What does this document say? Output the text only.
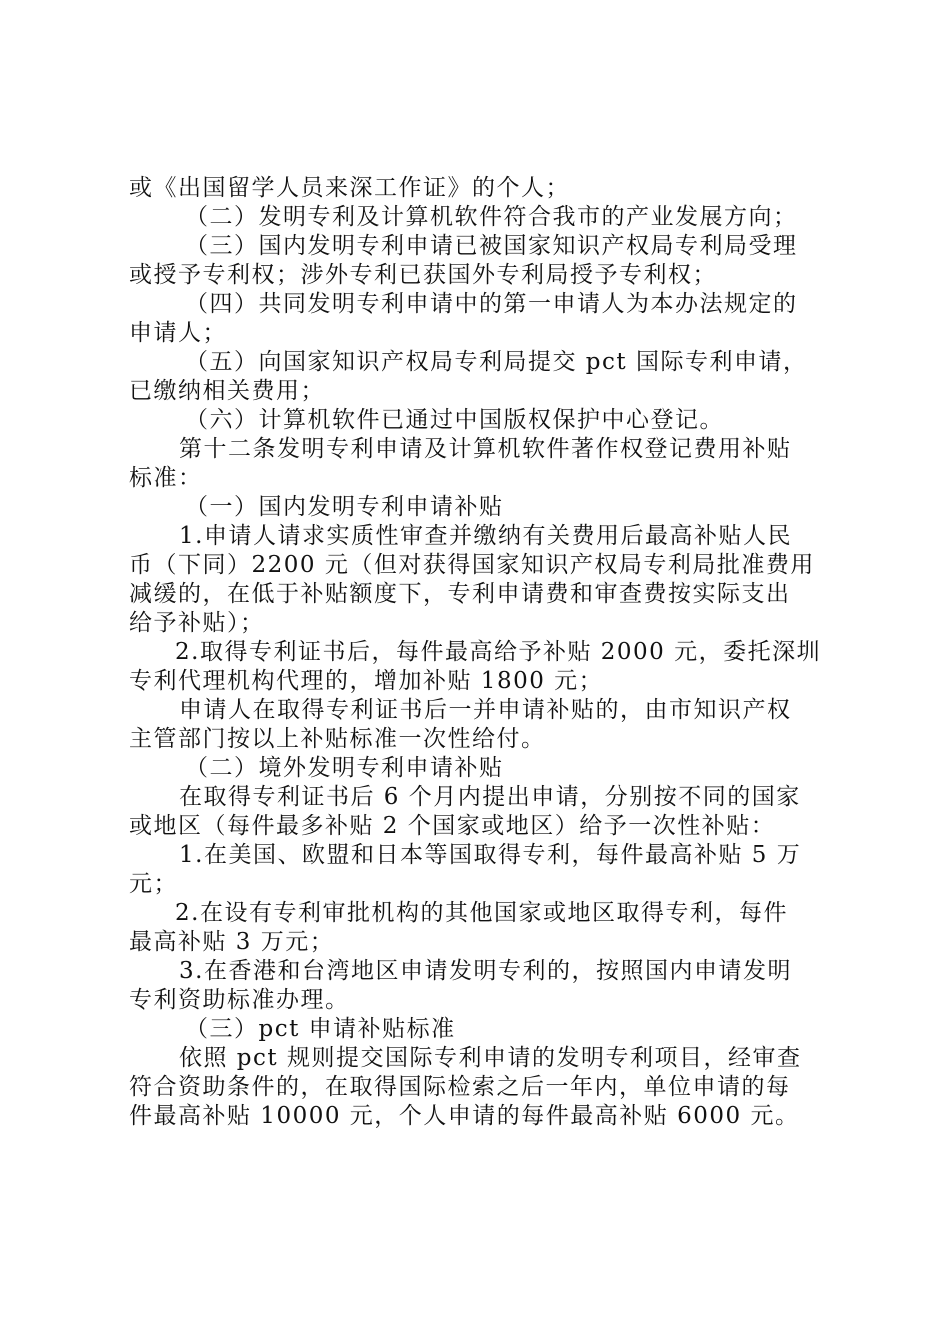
或《出国留学人员来深工作证》的个人；
（二）发明专利及计算机软件符合我市的产业发展方向；
（三）国内发明专利申请已被国家知识产权局专利局受理
或授予专利权；涉外专利已获国外专利局授予专利权；
（四）共同发明专利申请中的第一申请人为本办法规定的
申请人；
（五）向国家知识产权局专利局提交 pct 国际专利申请，
已缴纳相关费用；
（六）计算机软件已通过中国版权保护中心登记。
第十二条发明专利申请及计算机软件著作权登记费用补贴
标准：
（一）国内发明专利申请补贴
1.申请人请求实质性审查并缴纳有关费用后最高补贴人民
币（下同）2200 元（但对获得国家知识产权局专利局批准费用
减缓的，在低于补贴额度下，专利申请费和审查费按实际支出
给予补贴）；
2.取得专利证书后，每件最高给予补贴 2000 元，委托深圳
专利代理机构代理的，增加补贴 1800 元；
申请人在取得专利证书后一并申请补贴的，由市知识产权
主管部门按以上补贴标准一次性给付。
（二）境外发明专利申请补贴
在取得专利证书后 6 个月内提出申请，分别按不同的国家
或地区（每件最多补贴 2 个国家或地区）给予一次性补贴：
1.在美国、欧盟和日本等国取得专利，每件最高补贴 5 万
元；
2.在设有专利审批机构的其他国家或地区取得专利，每件
最高补贴 3 万元；
3.在香港和台湾地区申请发明专利的，按照国内申请发明
专利资助标准办理。
（三）pct 申请补贴标准
依照 pct 规则提交国际专利申请的发明专利项目，经审查
符合资助条件的，在取得国际检索之后一年内，单位申请的每
件最高补贴 10000 元，个人申请的每件最高补贴 6000 元。
